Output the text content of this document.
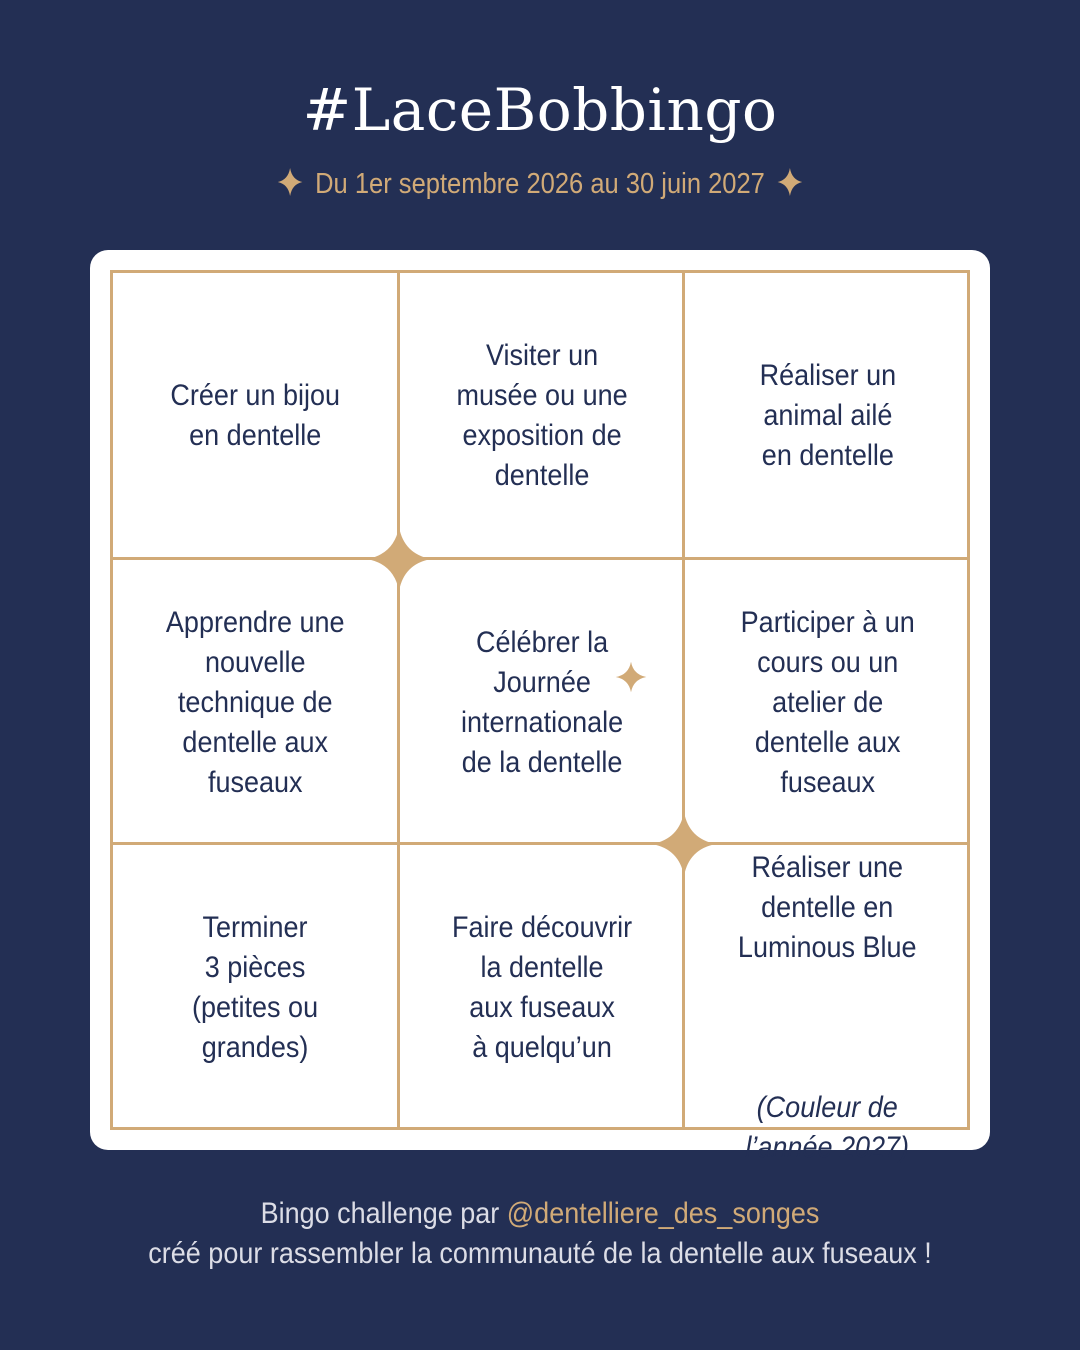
#LaceBobbingo
Du 1er septembre 2026 au 30 juin 2027
Créer un bijou
en dentelle
Visiter un
musée ou une
exposition de
dentelle
Réaliser un
animal ailé
en dentelle
Apprendre une
nouvelle
technique de
dentelle aux
fuseaux
Célébrer la
Journée
internationale
de la dentelle
Participer à un
cours ou un
atelier de
dentelle aux
fuseaux
Terminer
3 pièces
(petites ou
grandes)
Faire découvrir
la dentelle
aux fuseaux
à quelqu’un

Réaliser une
dentelle en
Luminous Blue

(Couleur de
l’année 2027)

Bingo challenge par @dentelliere_des_songes
créé pour rassembler la communauté de la dentelle aux fuseaux !
